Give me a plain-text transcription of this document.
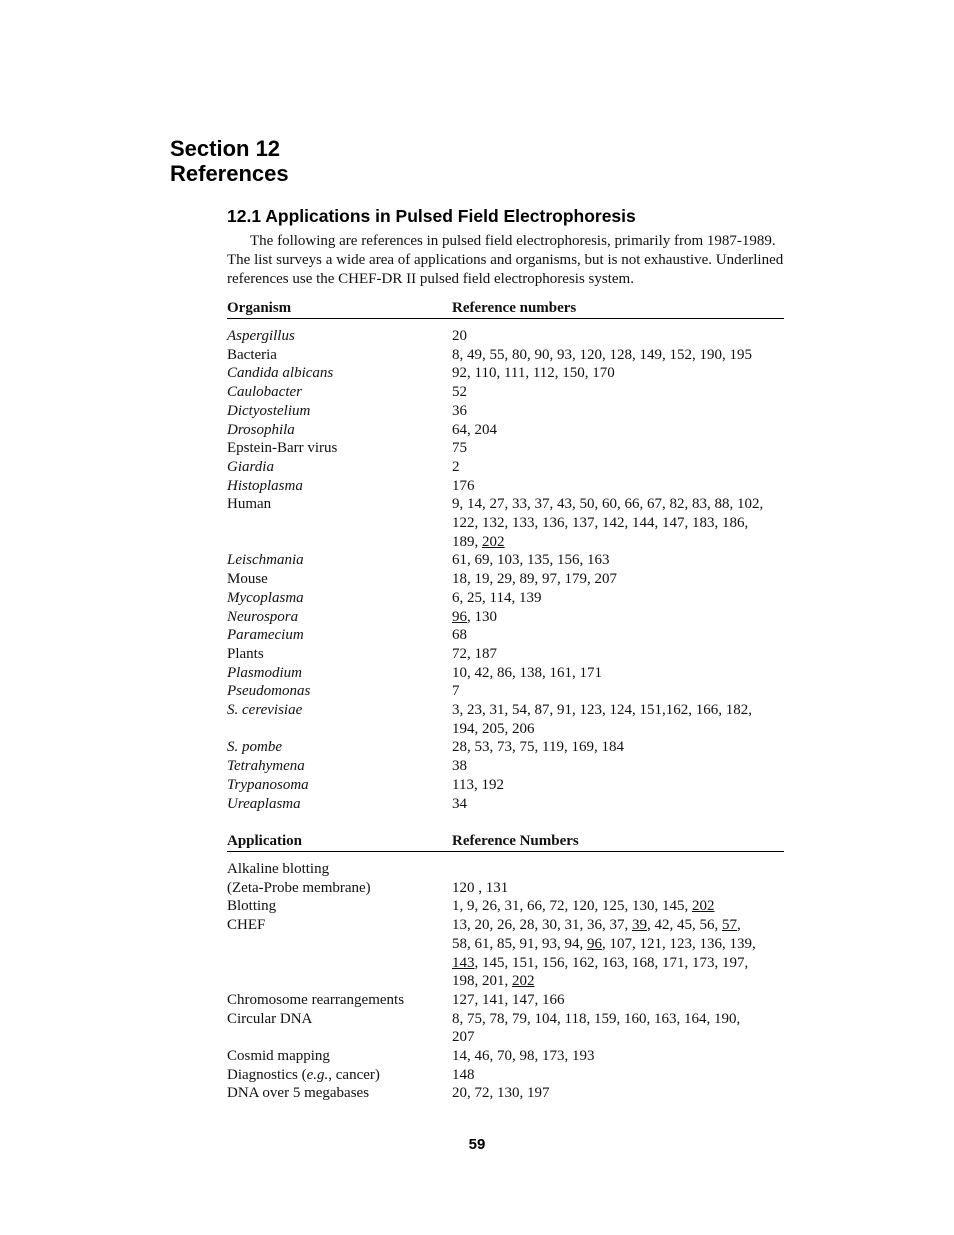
Section 12
References
12.1 Applications in Pulsed Field Electrophoresis
The following are references in pulsed field electrophoresis, primarily from 1987-1989. The list surveys a wide area of applications and organisms, but is not exhaustive. Underlined references use the CHEF-DR II pulsed field electrophoresis system.
Organism	Reference numbers
Aspergillus	20
Bacteria	8, 49, 55, 80, 90, 93, 120, 128, 149, 152, 190, 195
Candida albicans	92, 110, 111, 112, 150, 170
Caulobacter	52
Dictyostelium	36
Drosophila	64, 204
Epstein-Barr virus	75
Giardia	2
Histoplasma	176
Human	9, 14, 27, 33, 37, 43, 50, 60, 66, 67, 82, 83, 88, 102,
122, 132, 133, 136, 137, 142, 144, 147, 183, 186,
189, 202
Leischmania	61, 69, 103, 135, 156, 163
Mouse	18, 19, 29, 89, 97, 179, 207
Mycoplasma	6, 25, 114, 139
Neurospora	96, 130
Paramecium	68
Plants	72, 187
Plasmodium	10, 42, 86, 138, 161, 171
Pseudomonas	7
S. cerevisiae	3, 23, 31, 54, 87, 91, 123, 124, 151,162, 166, 182,
194, 205, 206
S. pombe	28, 53, 73, 75, 119, 169, 184
Tetrahymena	38
Trypanosoma	113, 192
Ureaplasma	34
Application	Reference Numbers
Alkaline blotting
(Zeta-Probe membrane)	120 , 131
Blotting	1, 9, 26, 31, 66, 72, 120, 125, 130, 145, 202
CHEF	13, 20, 26, 28, 30, 31, 36, 37, 39, 42, 45, 56, 57,
58, 61, 85, 91, 93, 94, 96, 107, 121, 123, 136, 139,
143, 145, 151, 156, 162, 163, 168, 171, 173, 197,
198, 201, 202
Chromosome rearrangements	127, 141, 147, 166
Circular DNA	8, 75, 78, 79, 104, 118, 159, 160, 163, 164, 190,
207
Cosmid mapping	14, 46, 70, 98, 173, 193
Diagnostics (e.g., cancer)	148
DNA over 5 megabases	20, 72, 130, 197
59
